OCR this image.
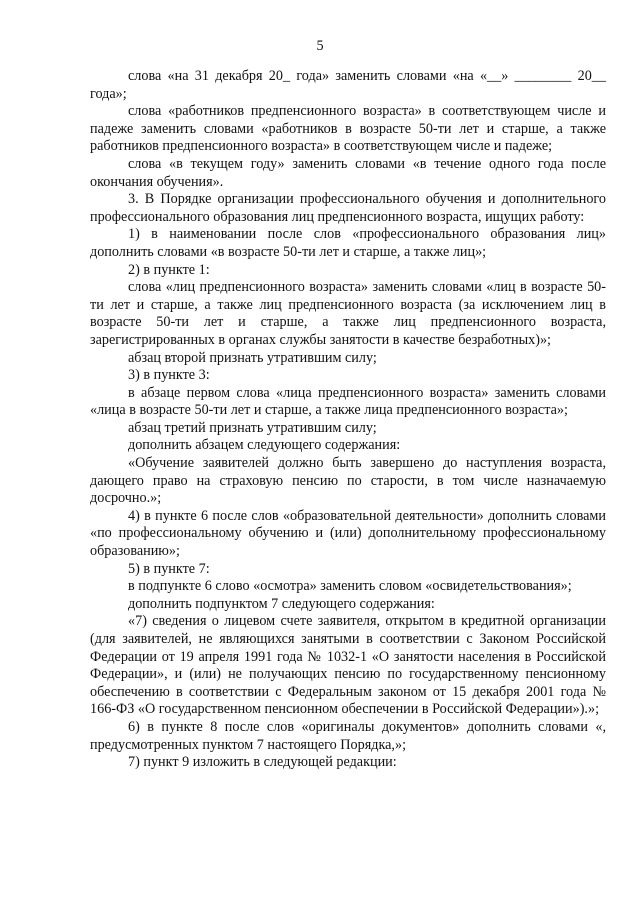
5

слова «на 31 декабря 20_ года» заменить словами «на «__» ________ 20__ года»;

слова «работников предпенсионного возраста» в соответствующем числе и падеже заменить словами «работников в возрасте 50-ти лет и старше, а также работников предпенсионного возраста» в соответствующем числе и падеже;

слова «в текущем году» заменить словами «в течение одного года после окончания обучения».

3. В Порядке организации профессионального обучения и дополнительного профессионального образования лиц предпенсионного возраста, ищущих работу:

1) в наименовании после слов «профессионального образования лиц» дополнить словами «в возрасте 50-ти лет и старше, а также лиц»;

2) в пункте 1:

слова «лиц предпенсионного возраста» заменить словами «лиц в возрасте 50-ти лет и старше, а также лиц предпенсионного возраста (за исключением лиц в возрасте 50-ти лет и старше, а также лиц предпенсионного возраста, зарегистрированных в органах службы занятости в качестве безработных)»;

абзац второй признать утратившим силу;

3) в пункте 3:

в абзаце первом слова «лица предпенсионного возраста» заменить словами «лица в возрасте 50-ти лет и старше, а также лица предпенсионного возраста»;

абзац третий признать утратившим силу;

дополнить абзацем следующего содержания:

«Обучение заявителей должно быть завершено до наступления возраста, дающего право на страховую пенсию по старости, в том числе назначаемую досрочно.»;

4) в пункте 6 после слов «образовательной деятельности» дополнить словами «по профессиональному обучению и (или) дополнительному профессиональному образованию»;

5) в пункте 7:

в подпункте 6 слово «осмотра» заменить словом «освидетельствования»;

дополнить подпунктом 7 следующего содержания:

«7) сведения о лицевом счете заявителя, открытом в кредитной организации (для заявителей, не являющихся занятыми в соответствии с Законом Российской Федерации от 19 апреля 1991 года № 1032-1 «О занятости населения в Российской Федерации», и (или) не получающих пенсию по государственному пенсионному обеспечению в соответствии с Федеральным законом от 15 декабря 2001 года № 166-ФЗ «О государственном пенсионном обеспечении в Российской Федерации»).»;

6) в пункте 8 после слов «оригиналы документов» дополнить словами «, предусмотренных пунктом 7 настоящего Порядка,»;

7) пункт 9 изложить в следующей редакции:
